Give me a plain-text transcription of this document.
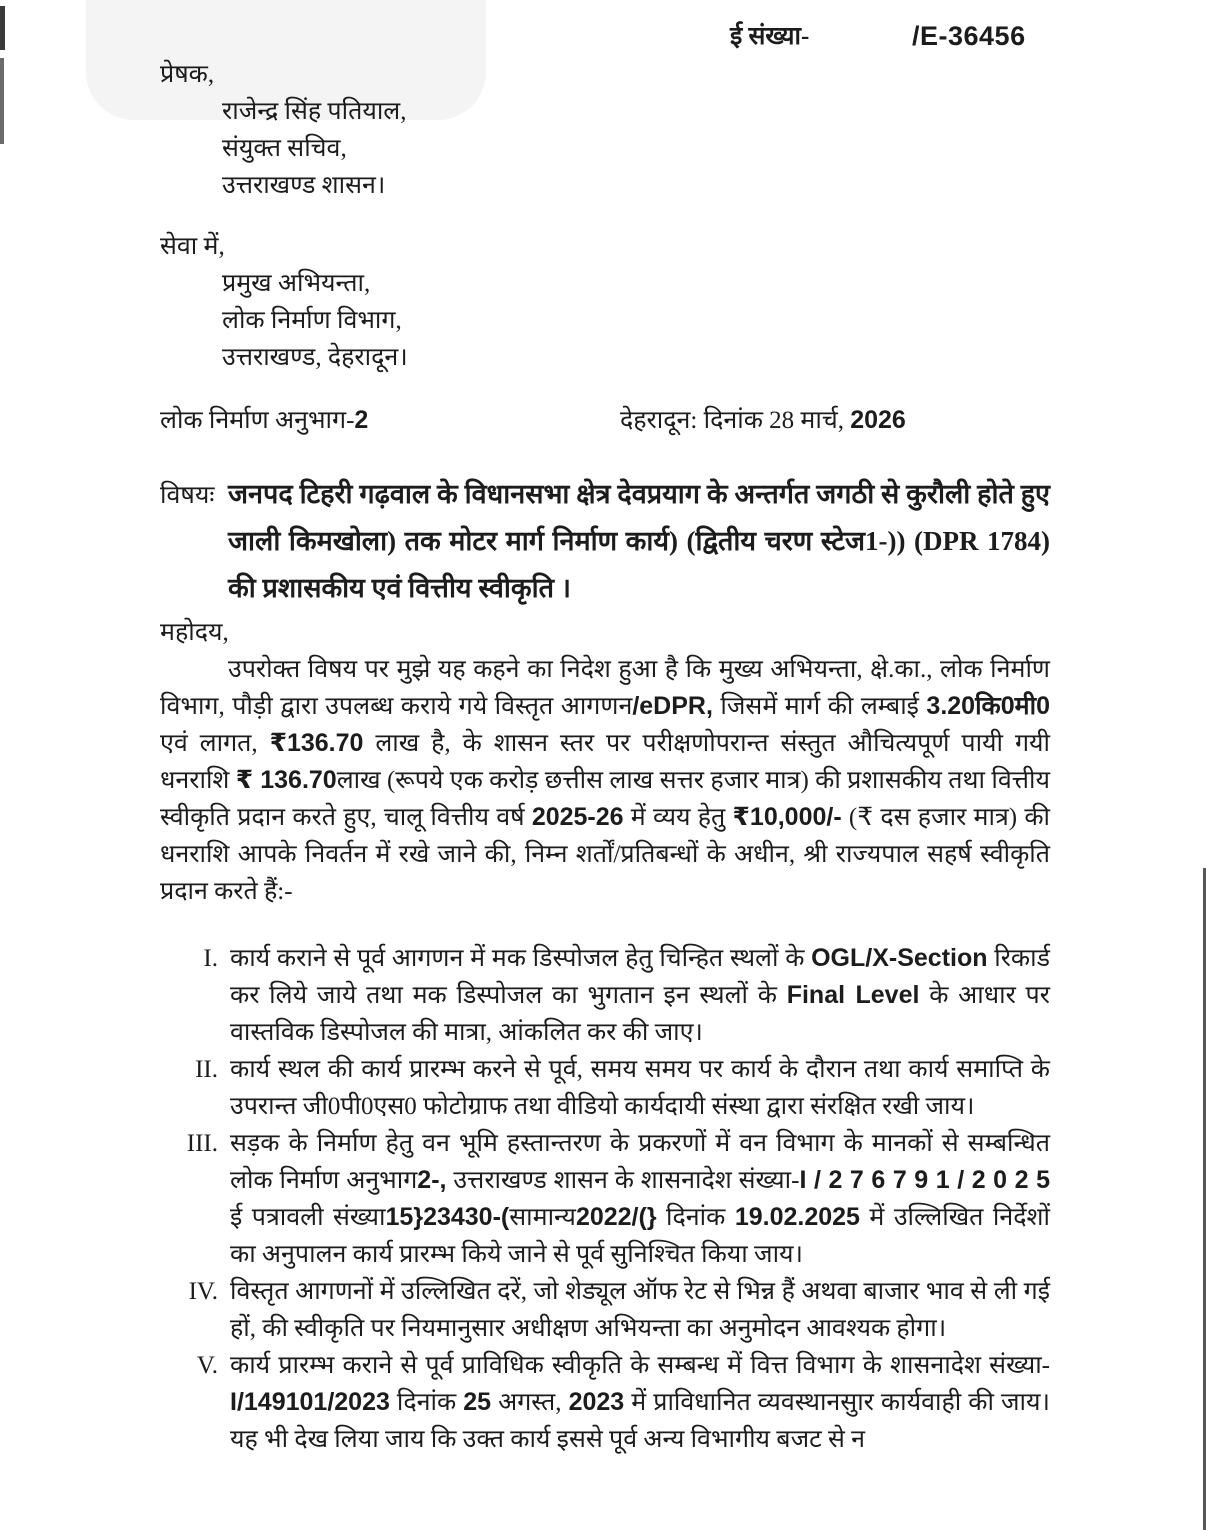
ई संख्या-	/E-36456
प्रेषक,
राजेन्द्र सिंह पतियाल,
संयुक्त सचिव,
उत्तराखण्ड शासन।
सेवा में,
प्रमुख अभियन्ता,
लोक निर्माण विभाग,
उत्तराखण्ड, देहरादून।
लोक निर्माण अनुभाग-2	देहरादून: दिनांक 28 मार्च, 2026
विषयः जनपद टिहरी गढ़वाल के विधानसभा क्षेत्र देवप्रयाग के अन्तर्गत जगठी से कुरौली होते हुए जाली किमखोला) तक मोटर मार्ग निर्माण कार्य) (द्वितीय चरण स्टेज1-)) (DPR 1784) की प्रशासकीय एवं वित्तीय स्वीकृति ।
महोदय,

उपरोक्त विषय पर मुझे यह कहने का निदेश हुआ है कि मुख्य अभियन्ता, क्षे.का., लोक निर्माण विभाग, पौड़ी द्वारा उपलब्ध कराये गये विस्तृत आगणन/eDPR, जिसमें मार्ग की लम्बाई 3.20कि0मी0 एवं लागत, ₹136.70 लाख है, के शासन स्तर पर परीक्षणोपरान्त संस्तुत औचित्यपूर्ण पायी गयी धनराशि ₹ 136.70लाख (रूपये एक करोड़ छत्तीस लाख सत्तर हजार मात्र) की प्रशासकीय तथा वित्तीय स्वीकृति प्रदान करते हुए, चालू वित्तीय वर्ष 2025-26 में व्यय हेतु ₹10,000/- (₹ दस हजार मात्र) की धनराशि आपके निवर्तन में रखे जाने की, निम्न शर्तों/प्रतिबन्धों के अधीन, श्री राज्यपाल सहर्ष स्वीकृति प्रदान करते हैं:-

I. कार्य कराने से पूर्व आगणन में मक डिस्पोजल हेतु चिन्हित स्थलों के OGL/X-Section रिकार्ड कर लिये जाये तथा मक डिस्पोजल का भुगतान इन स्थलों के Final Level के आधार पर वास्तविक डिस्पोजल की मात्रा, आंकलित कर की जाए।
II. कार्य स्थल की कार्य प्रारम्भ करने से पूर्व, समय समय पर कार्य के दौरान तथा कार्य समाप्ति के उपरान्त जी0पी0एस0 फोटोग्राफ तथा वीडियो कार्यदायी संस्था द्वारा संरक्षित रखी जाय।
III. सड़क के निर्माण हेतु वन भूमि हस्तान्तरण के प्रकरणों में वन विभाग के मानकों से सम्बन्धित लोक निर्माण अनुभाग2-, उत्तराखण्ड शासन के शासनादेश संख्या-I / 2 7 6 7 9 1 / 2 0 2 5 ई पत्रावली संख्या15}23430-(सामान्य2022/(} दिनांक 19.02.2025 में उल्लिखित निर्देशों का अनुपालन कार्य प्रारम्भ किये जाने से पूर्व सुनिश्चित किया जाय।
IV. विस्तृत आगणनों में उल्लिखित दरें, जो शेड्यूल ऑफ रेट से भिन्न हैं अथवा बाजार भाव से ली गई हों, की स्वीकृति पर नियमानुसार अधीक्षण अभियन्ता का अनुमोदन आवश्यक होगा।
V. कार्य प्रारम्भ कराने से पूर्व प्राविधिक स्वीकृति के सम्बन्ध में वित्त विभाग के शासनादेश संख्या-I/149101/2023 दिनांक 25 अगस्त, 2023 में प्राविधानित व्यवस्थानसुार कार्यवाही की जाय। यह भी देख लिया जाय कि उक्त कार्य इससे पूर्व अन्य विभागीय बजट से न
